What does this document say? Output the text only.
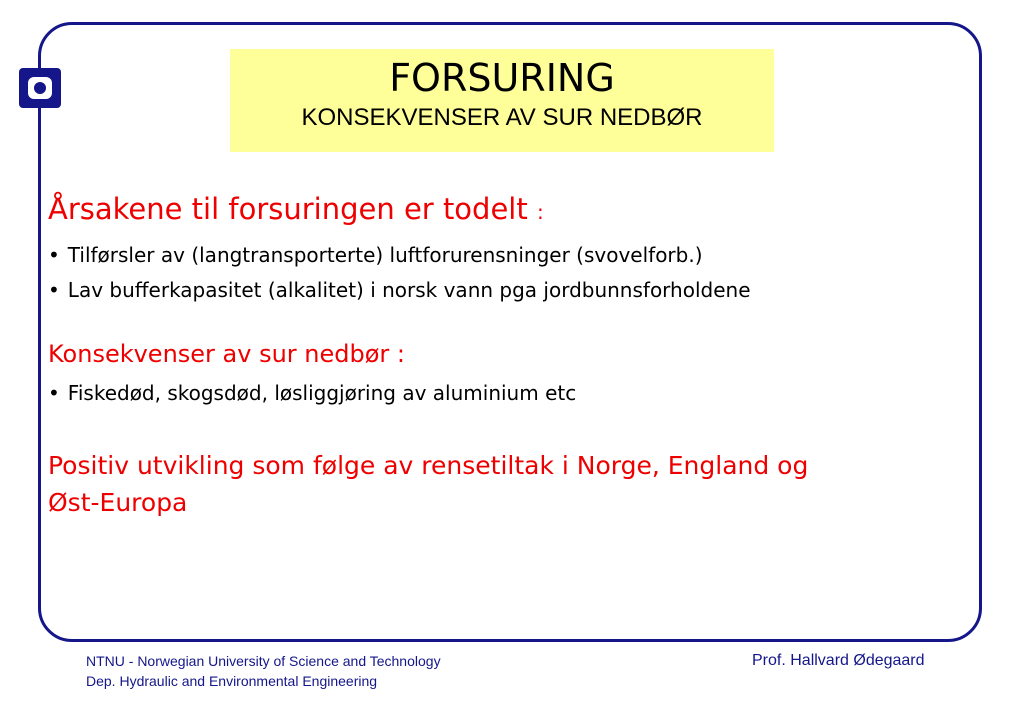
FORSURING
KONSEKVENSER AV SUR NEDBØR
Årsakene til forsuringen er todelt :
• Tilførsler av (langtransporterte) luftforurensninger (svovelforb.)
• Lav bufferkapasitet (alkalitet) i norsk vann pga jordbunnsforholdene
Konsekvenser av sur nedbør :
• Fiskedød, skogsdød, løsliggjøring av aluminium etc
Positiv utvikling som følge av rensetiltak i Norge, England og
Øst-Europa
NTNU - Norwegian University of Science and Technology
Dep. Hydraulic and Environmental Engineering
Prof. Hallvard Ødegaard
